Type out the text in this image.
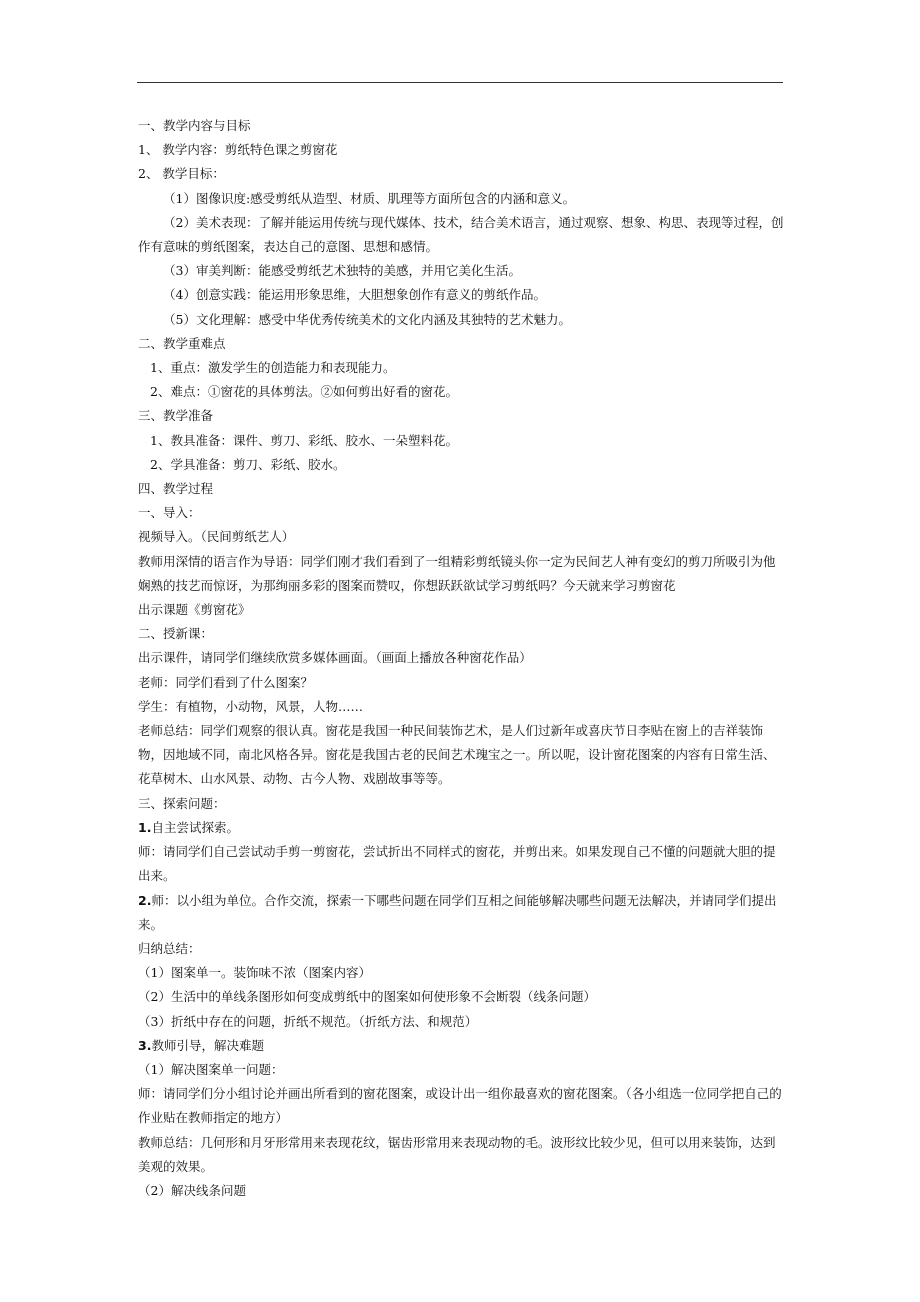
一、教学内容与目标

1、 教学内容：剪纸特色课之剪窗花

2、 教学目标：

（1）图像识度:感受剪纸从造型、材质、肌理等方面所包含的内涵和意义。

（2）美术表现：了解并能运用传统与现代媒体、技术，结合美术语言，通过观察、想象、构思、表现等过程，创作有意味的剪纸图案，表达自己的意图、思想和感情。

（3）审美判断：能感受剪纸艺术独特的美感，并用它美化生活。

（4）创意实践：能运用形象思维，大胆想象创作有意义的剪纸作品。

（5）文化理解：感受中华优秀传统美术的文化内涵及其独特的艺术魅力。

二、教学重难点

1、重点：激发学生的创造能力和表现能力。

2、难点：①窗花的具体剪法。②如何剪出好看的窗花。

三、教学准备

1、教具准备：课件、剪刀、彩纸、胶水、一朵塑料花。

2、学具准备：剪刀、彩纸、胶水。

四、教学过程

一、导入：

视频导入。（民间剪纸艺人）

教师用深情的语言作为导语：同学们刚才我们看到了一组精彩剪纸镜头你一定为民间艺人神有变幻的剪刀所吸引为他娴熟的技艺而惊讶，为那绚丽多彩的图案而赞叹，你想跃跃欲试学习剪纸吗？今天就来学习剪窗花

出示课题《剪窗花》

二、授新课：

出示课件，请同学们继续欣赏多媒体画面。（画面上播放各种窗花作品）

老师：同学们看到了什么图案？

学生：有植物，小动物，风景，人物……

老师总结：同学们观察的很认真。窗花是我国一种民间装饰艺术，是人们过新年或喜庆节日李贴在窗上的吉祥装饰物，因地域不同，南北风格各异。窗花是我国古老的民间艺术瑰宝之一。所以呢，设计窗花图案的内容有日常生活、花草树木、山水风景、动物、古今人物、戏剧故事等等。

三、探索问题：

1.自主尝试探索。

师：请同学们自己尝试动手剪一剪窗花，尝试折出不同样式的窗花，并剪出来。如果发现自己不懂的问题就大胆的提出来。

2.师：以小组为单位。合作交流，探索一下哪些问题在同学们互相之间能够解决哪些问题无法解决，并请同学们提出来。

归纳总结：

（1）图案单一。装饰味不浓（图案内容）

（2）生活中的单线条图形如何变成剪纸中的图案如何使形象不会断裂（线条问题）

（3）折纸中存在的问题，折纸不规范。（折纸方法、和规范）

3.教师引导，解决难题

（1）解决图案单一问题：

师：请同学们分小组讨论并画出所看到的窗花图案，或设计出一组你最喜欢的窗花图案。（各小组选一位同学把自己的作业贴在教师指定的地方）

教师总结：几何形和月牙形常用来表现花纹，锯齿形常用来表现动物的毛。波形纹比较少见，但可以用来装饰，达到美观的效果。

（2）解决线条问题
